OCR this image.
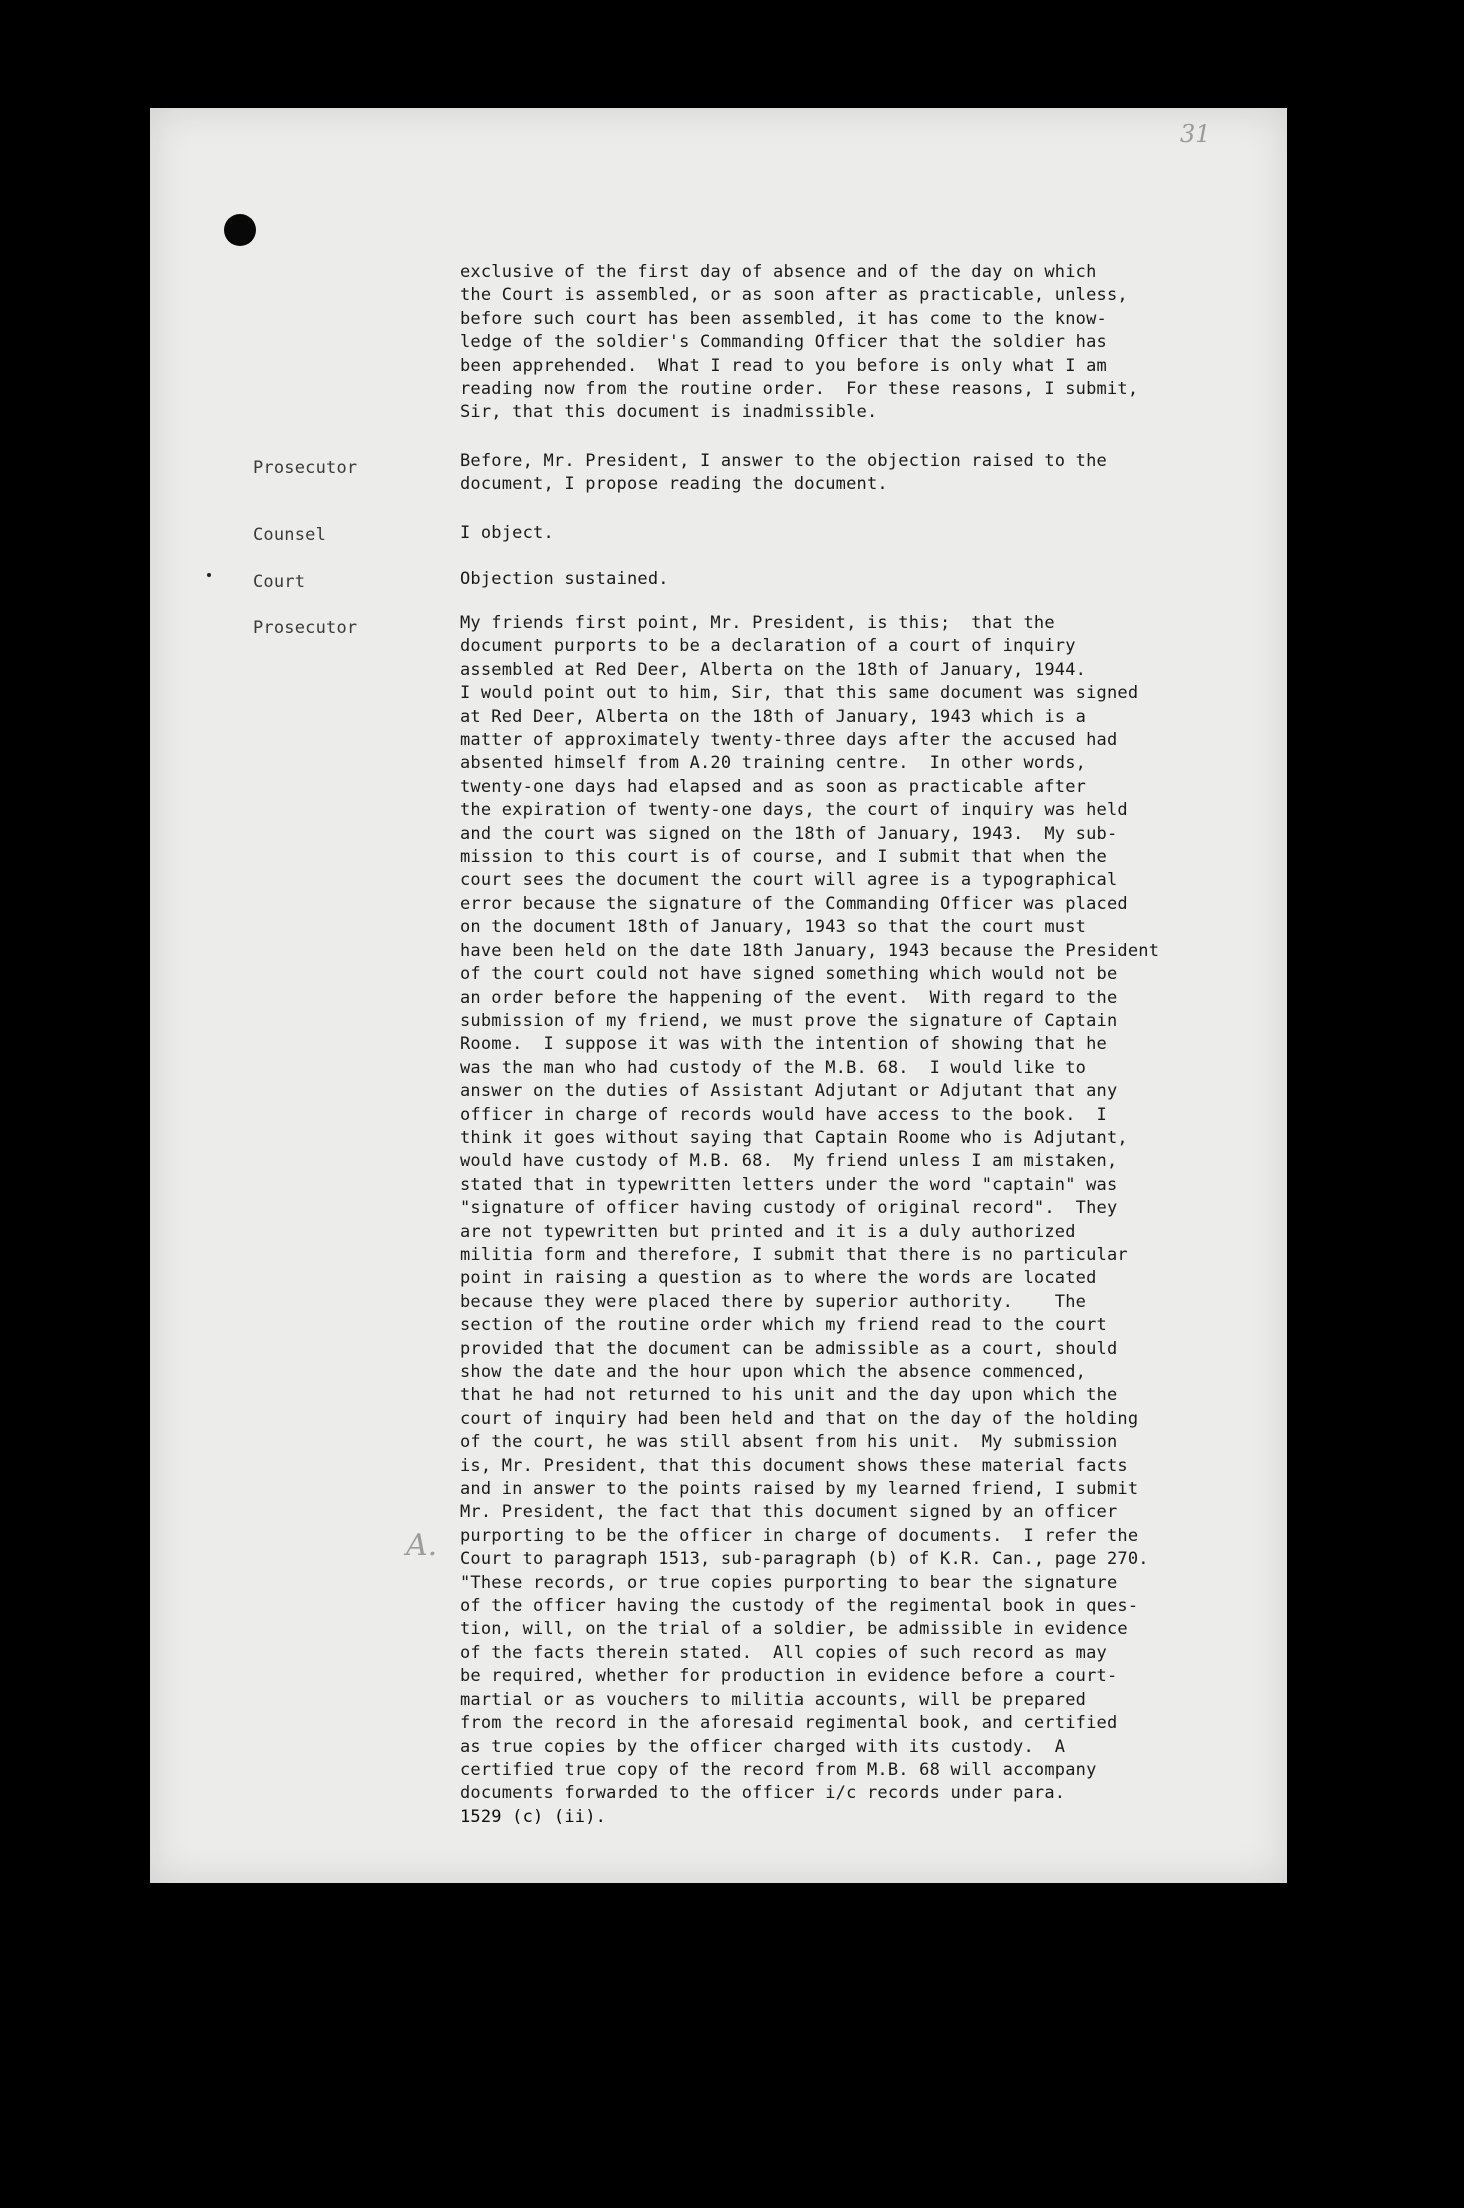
31
A.
exclusive of the first day of absence and of the day on which
the Court is assembled, or as soon after as practicable, unless,
before such court has been assembled, it has come to the know-
ledge of the soldier's Commanding Officer that the soldier has
been apprehended.  What I read to you before is only what I am
reading now from the routine order.  For these reasons, I submit,
Sir, that this document is inadmissible.
Prosecutor	Before, Mr. President, I answer to the objection raised to the
document, I propose reading the document.
Counsel	I object.
Court	Objection sustained.
Prosecutor	My friends first point, Mr. President, is this;  that the
document purports to be a declaration of a court of inquiry
assembled at Red Deer, Alberta on the 18th of January, 1944.
I would point out to him, Sir, that this same document was signed
at Red Deer, Alberta on the 18th of January, 1943 which is a
matter of approximately twenty-three days after the accused had
absented himself from A.20 training centre.  In other words,
twenty-one days had elapsed and as soon as practicable after
the expiration of twenty-one days, the court of inquiry was held
and the court was signed on the 18th of January, 1943.  My sub-
mission to this court is of course, and I submit that when the
court sees the document the court will agree is a typographical
error because the signature of the Commanding Officer was placed
on the document 18th of January, 1943 so that the court must
have been held on the date 18th January, 1943 because the President
of the court could not have signed something which would not be
an order before the happening of the event.  With regard to the
submission of my friend, we must prove the signature of Captain
Roome.  I suppose it was with the intention of showing that he
was the man who had custody of the M.B. 68.  I would like to
answer on the duties of Assistant Adjutant or Adjutant that any
officer in charge of records would have access to the book.  I
think it goes without saying that Captain Roome who is Adjutant,
would have custody of M.B. 68.  My friend unless I am mistaken,
stated that in typewritten letters under the word "captain" was
"signature of officer having custody of original record".  They
are not typewritten but printed and it is a duly authorized
militia form and therefore, I submit that there is no particular
point in raising a question as to where the words are located
because they were placed there by superior authority.    The
section of the routine order which my friend read to the court
provided that the document can be admissible as a court, should
show the date and the hour upon which the absence commenced,
that he had not returned to his unit and the day upon which the
court of inquiry had been held and that on the day of the holding
of the court, he was still absent from his unit.  My submission
is, Mr. President, that this document shows these material facts
and in answer to the points raised by my learned friend, I submit
Mr. President, the fact that this document signed by an officer
purporting to be the officer in charge of documents.  I refer the
Court to paragraph 1513, sub-paragraph (b) of K.R. Can., page 270.
"These records, or true copies purporting to bear the signature
of the officer having the custody of the regimental book in ques-
tion, will, on the trial of a soldier, be admissible in evidence
of the facts therein stated.  All copies of such record as may
be required, whether for production in evidence before a court-
martial or as vouchers to militia accounts, will be prepared
from the record in the aforesaid regimental book, and certified
as true copies by the officer charged with its custody.  A
certified true copy of the record from M.B. 68 will accompany
documents forwarded to the officer i/c records under para.
1529 (c) (ii).
